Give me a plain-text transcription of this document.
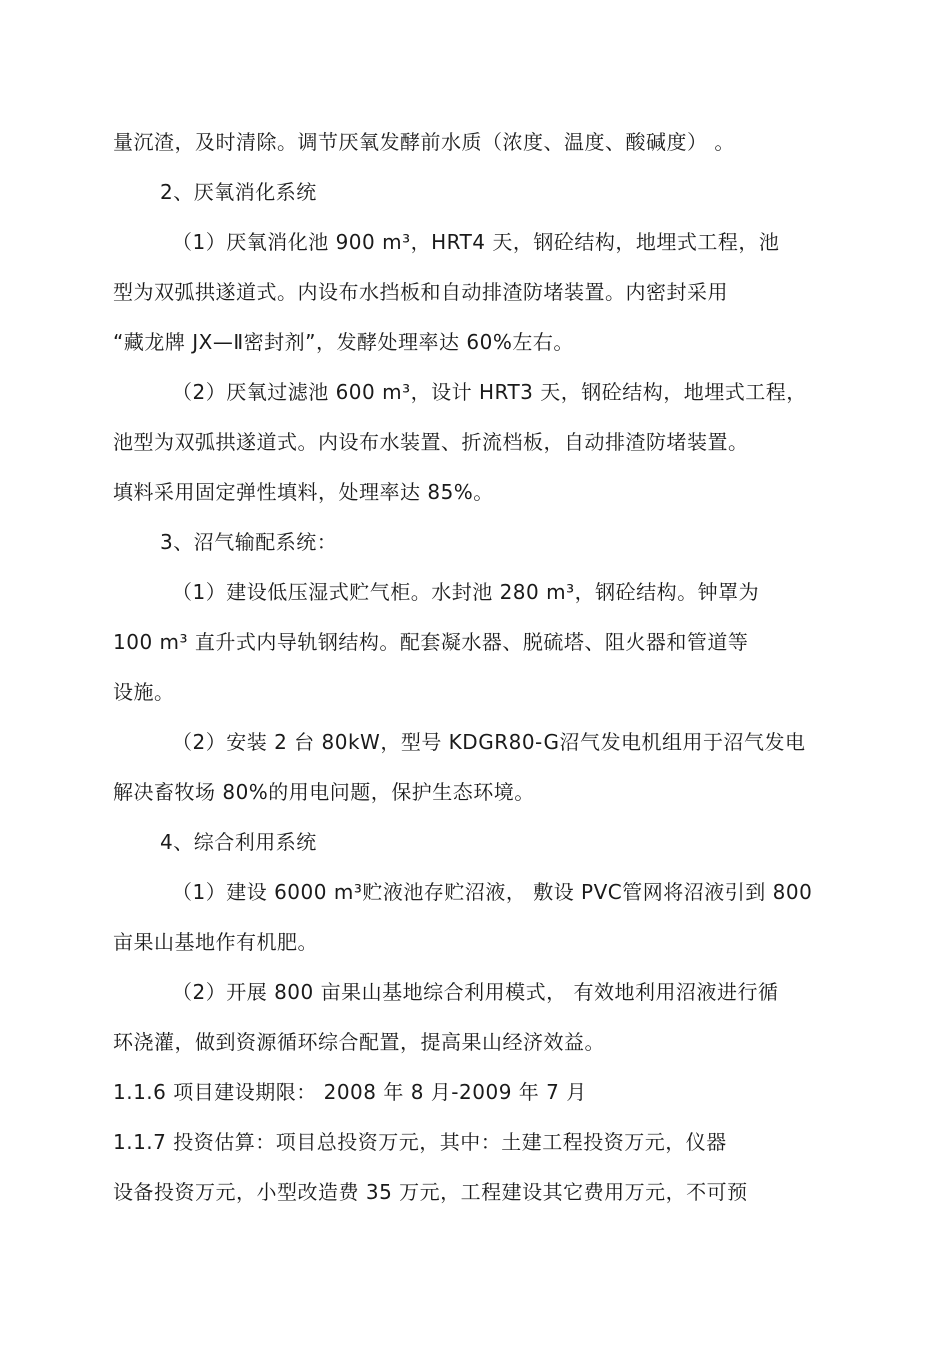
量沉渣，及时清除。调节厌氧发酵前水质（浓度、温度、酸碱度） 。
2、厌氧消化系统
（1）厌氧消化池 900 m³，HRT4 天，钢砼结构，地埋式工程，池
型为双弧拱遂道式。内设布水挡板和自动排渣防堵装置。内密封采用
“藏龙牌 JX—Ⅱ密封剂”，发酵处理率达 60%左右。
（2）厌氧过滤池 600 m³，设计 HRT3 天，钢砼结构，地埋式工程，
池型为双弧拱遂道式。内设布水装置、折流档板，自动排渣防堵装置。
填料采用固定弹性填料，处理率达 85%。
3、沼气输配系统：
（1）建设低压湿式贮气柜。水封池 280 m³，钢砼结构。钟罩为
100 m³ 直升式内导轨钢结构。配套凝水器、脱硫塔、阻火器和管道等
设施。
（2）安装 2 台 80kW，型号 KDGR80-G沼气发电机组用于沼气发电
解决畜牧场 80%的用电问题，保护生态环境。
4、综合利用系统
（1）建设 6000 m³贮液池存贮沼液， 敷设 PVC管网将沼液引到 800
亩果山基地作有机肥。
（2）开展 800 亩果山基地综合利用模式， 有效地利用沼液进行循
环浇灌，做到资源循环综合配置，提高果山经济效益。
1.1.6 项目建设期限： 2008 年 8 月-2009 年 7 月
1.1.7 投资估算：项目总投资万元，其中：土建工程投资万元，仪器
设备投资万元，小型改造费 35 万元，工程建设其它费用万元，不可预
